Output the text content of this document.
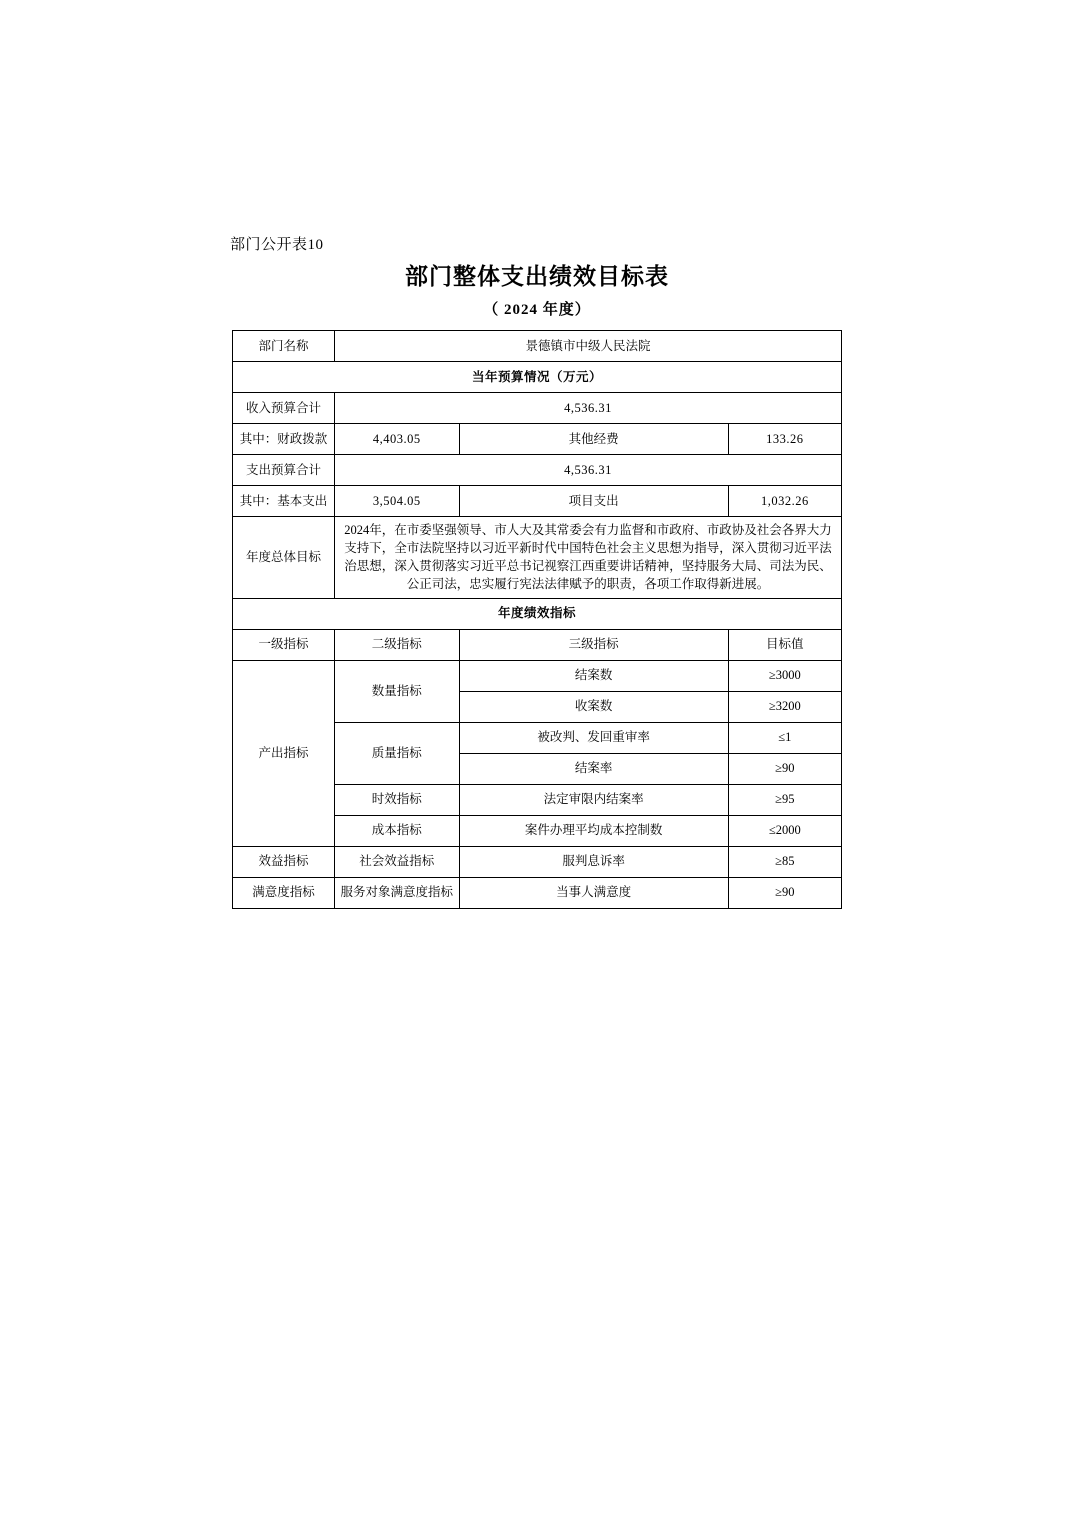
部门公开表10
部门整体支出绩效目标表
（ 2024 年度）
部门名称	景德镇市中级人民法院		
当年预算情况（万元）			
收入预算合计	4,536.31		
其中：财政拨款	4,403.05	其他经费	133.26
支出预算合计	4,536.31		
其中：基本支出	3,504.05	项目支出	1,032.26
年度总体目标	2024年，在市委坚强领导、市人大及其常委会有力监督和市政府、市政协及社会各界大力支持下，全市法院坚持以习近平新时代中国特色社会主义思想为指导，深入贯彻习近平法治思想，深入贯彻落实习近平总书记视察江西重要讲话精神，坚持服务大局、司法为民、公正司法，忠实履行宪法法律赋予的职责，各项工作取得新进展。		
年度绩效指标			
一级指标	二级指标	三级指标	目标值
产出指标	数量指标	结案数	≥3000
		收案数	≥3200
	质量指标	被改判、发回重审率	≤1
		结案率	≥90
	时效指标	法定审限内结案率	≥95
	成本指标	案件办理平均成本控制数	≤2000
效益指标	社会效益指标	服判息诉率	≥85
满意度指标	服务对象满意度指标	当事人满意度	≥90
